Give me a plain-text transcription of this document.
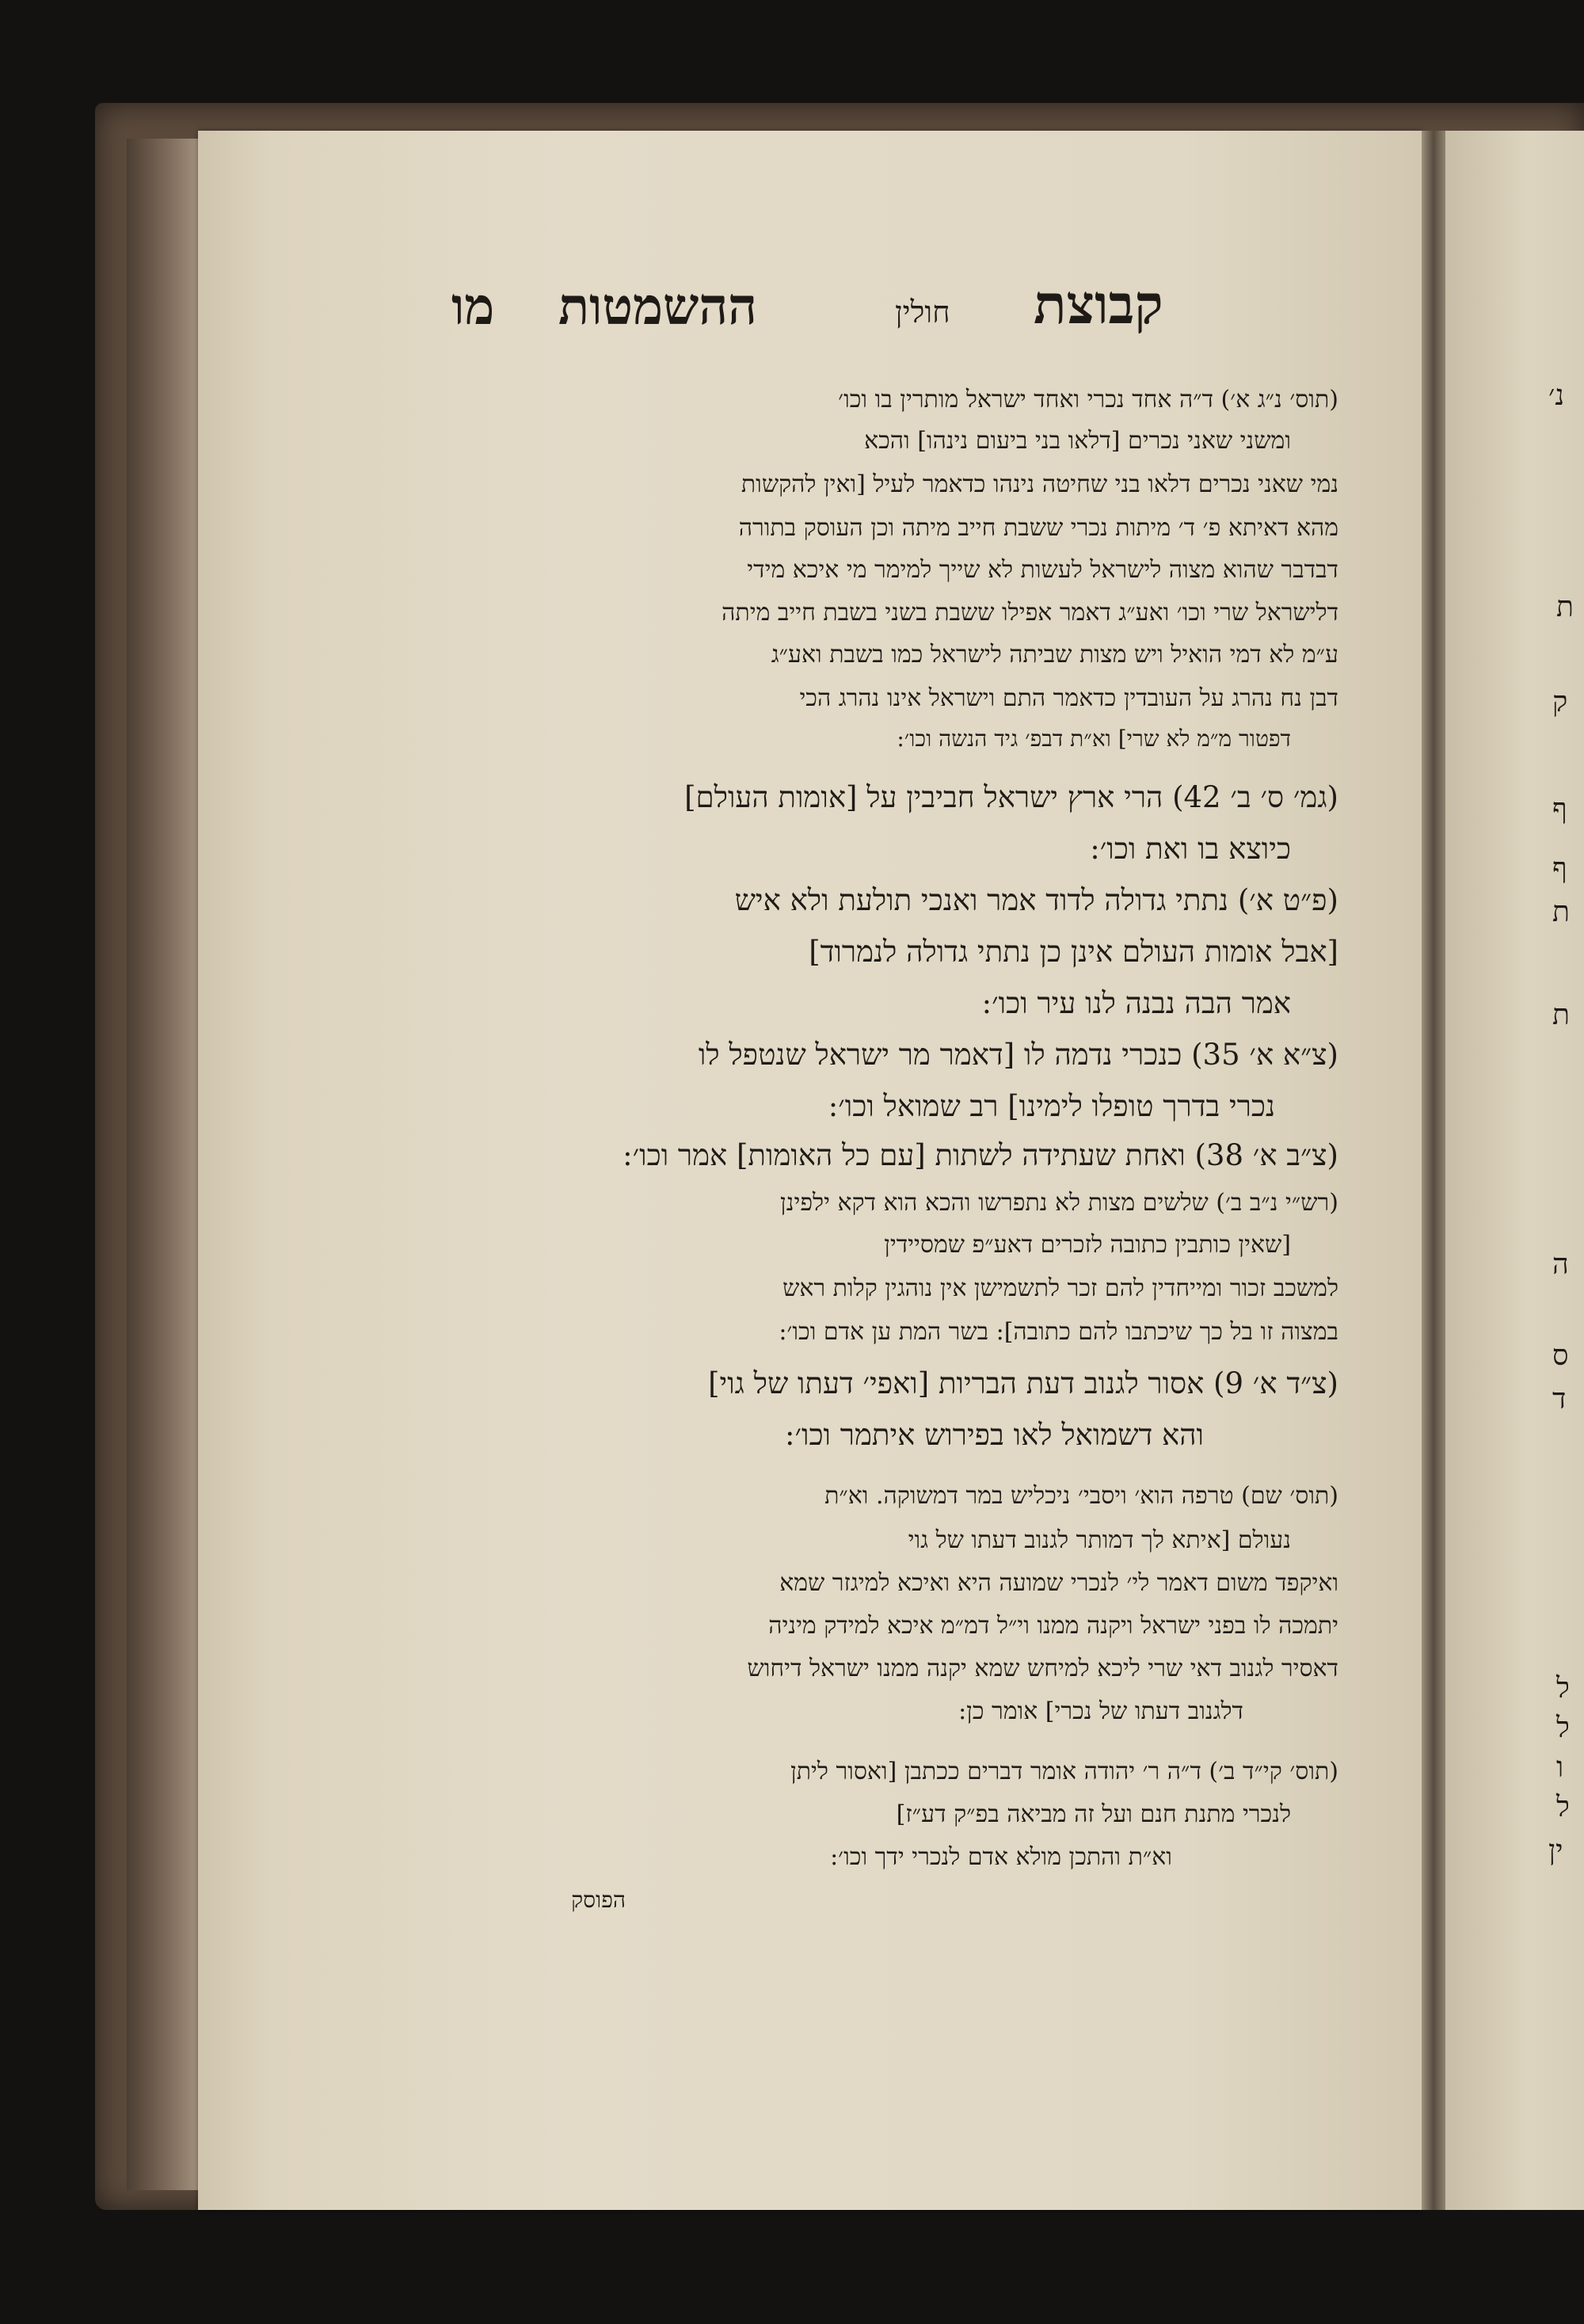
קבוצת
חולין
ההשמטות
מו
(תוס׳ נ״ג א׳) ד״ה אחד נכרי ואחד ישראל מותרין בו וכו׳
ומשני שאני נכרים [דלאו בני ביעום נינהו] והכא
נמי שאני נכרים דלאו בני שחיטה נינהו כדאמר לעיל [ואין להקשות
מהא דאיתא פ׳ ד׳ מיתות נכרי ששבת חייב מיתה וכן העוסק בתורה
דבדבר שהוא מצוה לישראל לעשות לא שייך למימר מי איכא מידי
דלישראל שרי וכו׳ ואע״ג דאמר אפילו ששבת בשני בשבת חייב מיתה
ע״מ לא דמי הואיל ויש מצות שביתה לישראל כמו בשבת ואע״ג
דבן נח נהרג על העובדין כדאמר התם וישראל אינו נהרג הכי
דפטור מ״מ לא שרי] וא״ת דבפ׳ גיד הנשה וכו׳:
(גמ׳ ס׳ ב׳ 42) הרי ארץ ישראל חביבין על [אומות העולם]
כיוצא בו ואת וכו׳:
(פ״ט א׳) נתתי גדולה לדוד אמר ואנכי תולעת ולא איש
[אבל אומות העולם אינן כן נתתי גדולה לנמרוד]
אמר הבה נבנה לנו עיר וכו׳:
(צ״א א׳ 35) כנכרי נדמה לו [דאמר מר ישראל שנטפל לו
נכרי בדרך טופלו לימינו] רב שמואל וכו׳:
(צ״ב א׳ 38) ואחת שעתידה לשתות [עם כל האומות] אמר וכו׳:
(רש״י נ״ב ב׳) שלשים מצות לא נתפרשו והכא הוא דקא ילפינן
[שאין כותבין כתובה לזכרים דאע״פ שמסיידין
למשכב זכור ומייחדין להם זכר לתשמישן אין נוהגין קלות ראש
במצוה זו בל כך שיכתבו להם כתובה]: בשר המת ען אדם וכו׳:
(צ״ד א׳ 9) אסור לגנוב דעת הבריות [ואפי׳ דעתו של גוי]
והא דשמואל לאו בפירוש איתמר וכו׳:
(תוס׳ שם) טרפה הוא׳ ויסבי׳ ניכליש במר דמשוקה. וא״ת
נעולם [איתא לך דמותר לגנוב דעתו של גוי
ואיקפד משום דאמר לי׳ לנכרי שמועה היא ואיכא למיגזר שמא
יתמכה לו בפני ישראל ויקנה ממנו וי״ל דמ״מ איכא למידק מיניה
דאסיר לגנוב דאי שרי ליכא למיחש שמא יקנה ממנו ישראל דיחוש
דלגנוב דעתו של נכרי] אומר כן:
(תוס׳ קי״ד ב׳) ד״ה ר׳ יהודה אומר דברים ככתבן [ואסור ליתן
לנכרי מתנת חנם ועל זה מביאה בפ״ק דע״ז]
וא״ת והתכן מולא אדם לנכרי ידך וכו׳:
הפוסק
נ׳
ת
ק
ף
ף
ת
ת
ה
ס
ד
ל
ל
ו
ל
ין
